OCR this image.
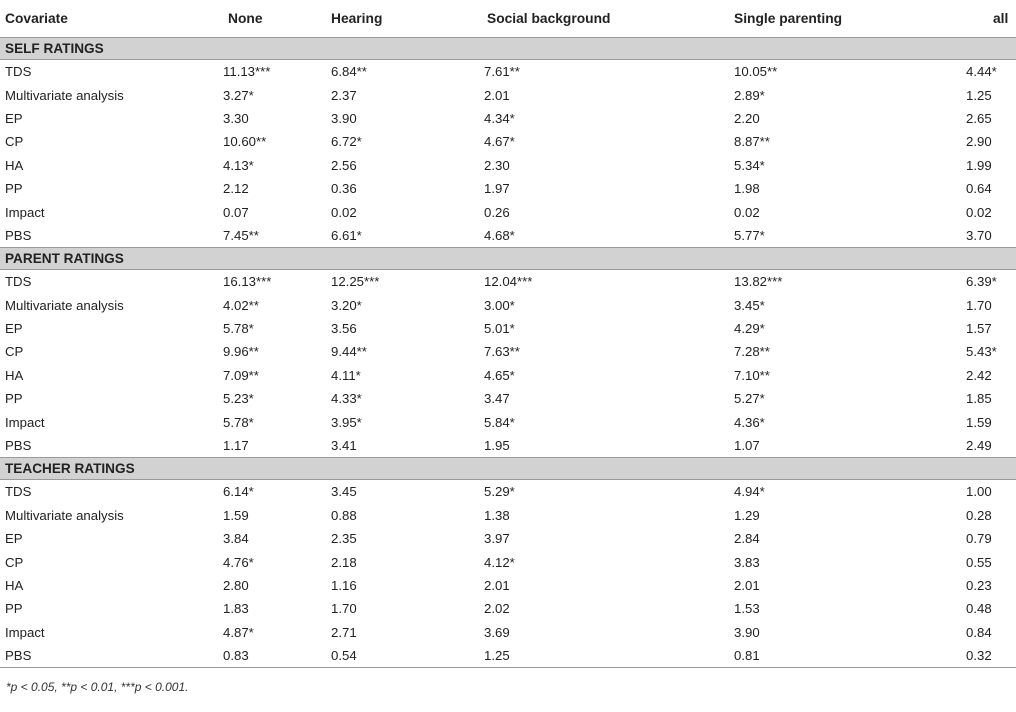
Covariate	None	Hearing	Social background	Single parenting	all
SELF RATINGS					
TDS	11.13***	6.84**	7.61**	10.05**	4.44*
Multivariate analysis	3.27*	2.37	2.01	2.89*	1.25
EP	3.30	3.90	4.34*	2.20	2.65
CP	10.60**	6.72*	4.67*	8.87**	2.90
HA	4.13*	2.56	2.30	5.34*	1.99
PP	2.12	0.36	1.97	1.98	0.64
Impact	0.07	0.02	0.26	0.02	0.02
PBS	7.45**	6.61*	4.68*	5.77*	3.70
PARENT RATINGS					
TDS	16.13***	12.25***	12.04***	13.82***	6.39*
Multivariate analysis	4.02**	3.20*	3.00*	3.45*	1.70
EP	5.78*	3.56	5.01*	4.29*	1.57
CP	9.96**	9.44**	7.63**	7.28**	5.43*
HA	7.09**	4.11*	4.65*	7.10**	2.42
PP	5.23*	4.33*	3.47	5.27*	1.85
Impact	5.78*	3.95*	5.84*	4.36*	1.59
PBS	1.17	3.41	1.95	1.07	2.49
TEACHER RATINGS					
TDS	6.14*	3.45	5.29*	4.94*	1.00
Multivariate analysis	1.59	0.88	1.38	1.29	0.28
EP	3.84	2.35	3.97	2.84	0.79
CP	4.76*	2.18	4.12*	3.83	0.55
HA	2.80	1.16	2.01	2.01	0.23
PP	1.83	1.70	2.02	1.53	0.48
Impact	4.87*	2.71	3.69	3.90	0.84
PBS	0.83	0.54	1.25	0.81	0.32
*p < 0.05, **p < 0.01, ***p < 0.001.
